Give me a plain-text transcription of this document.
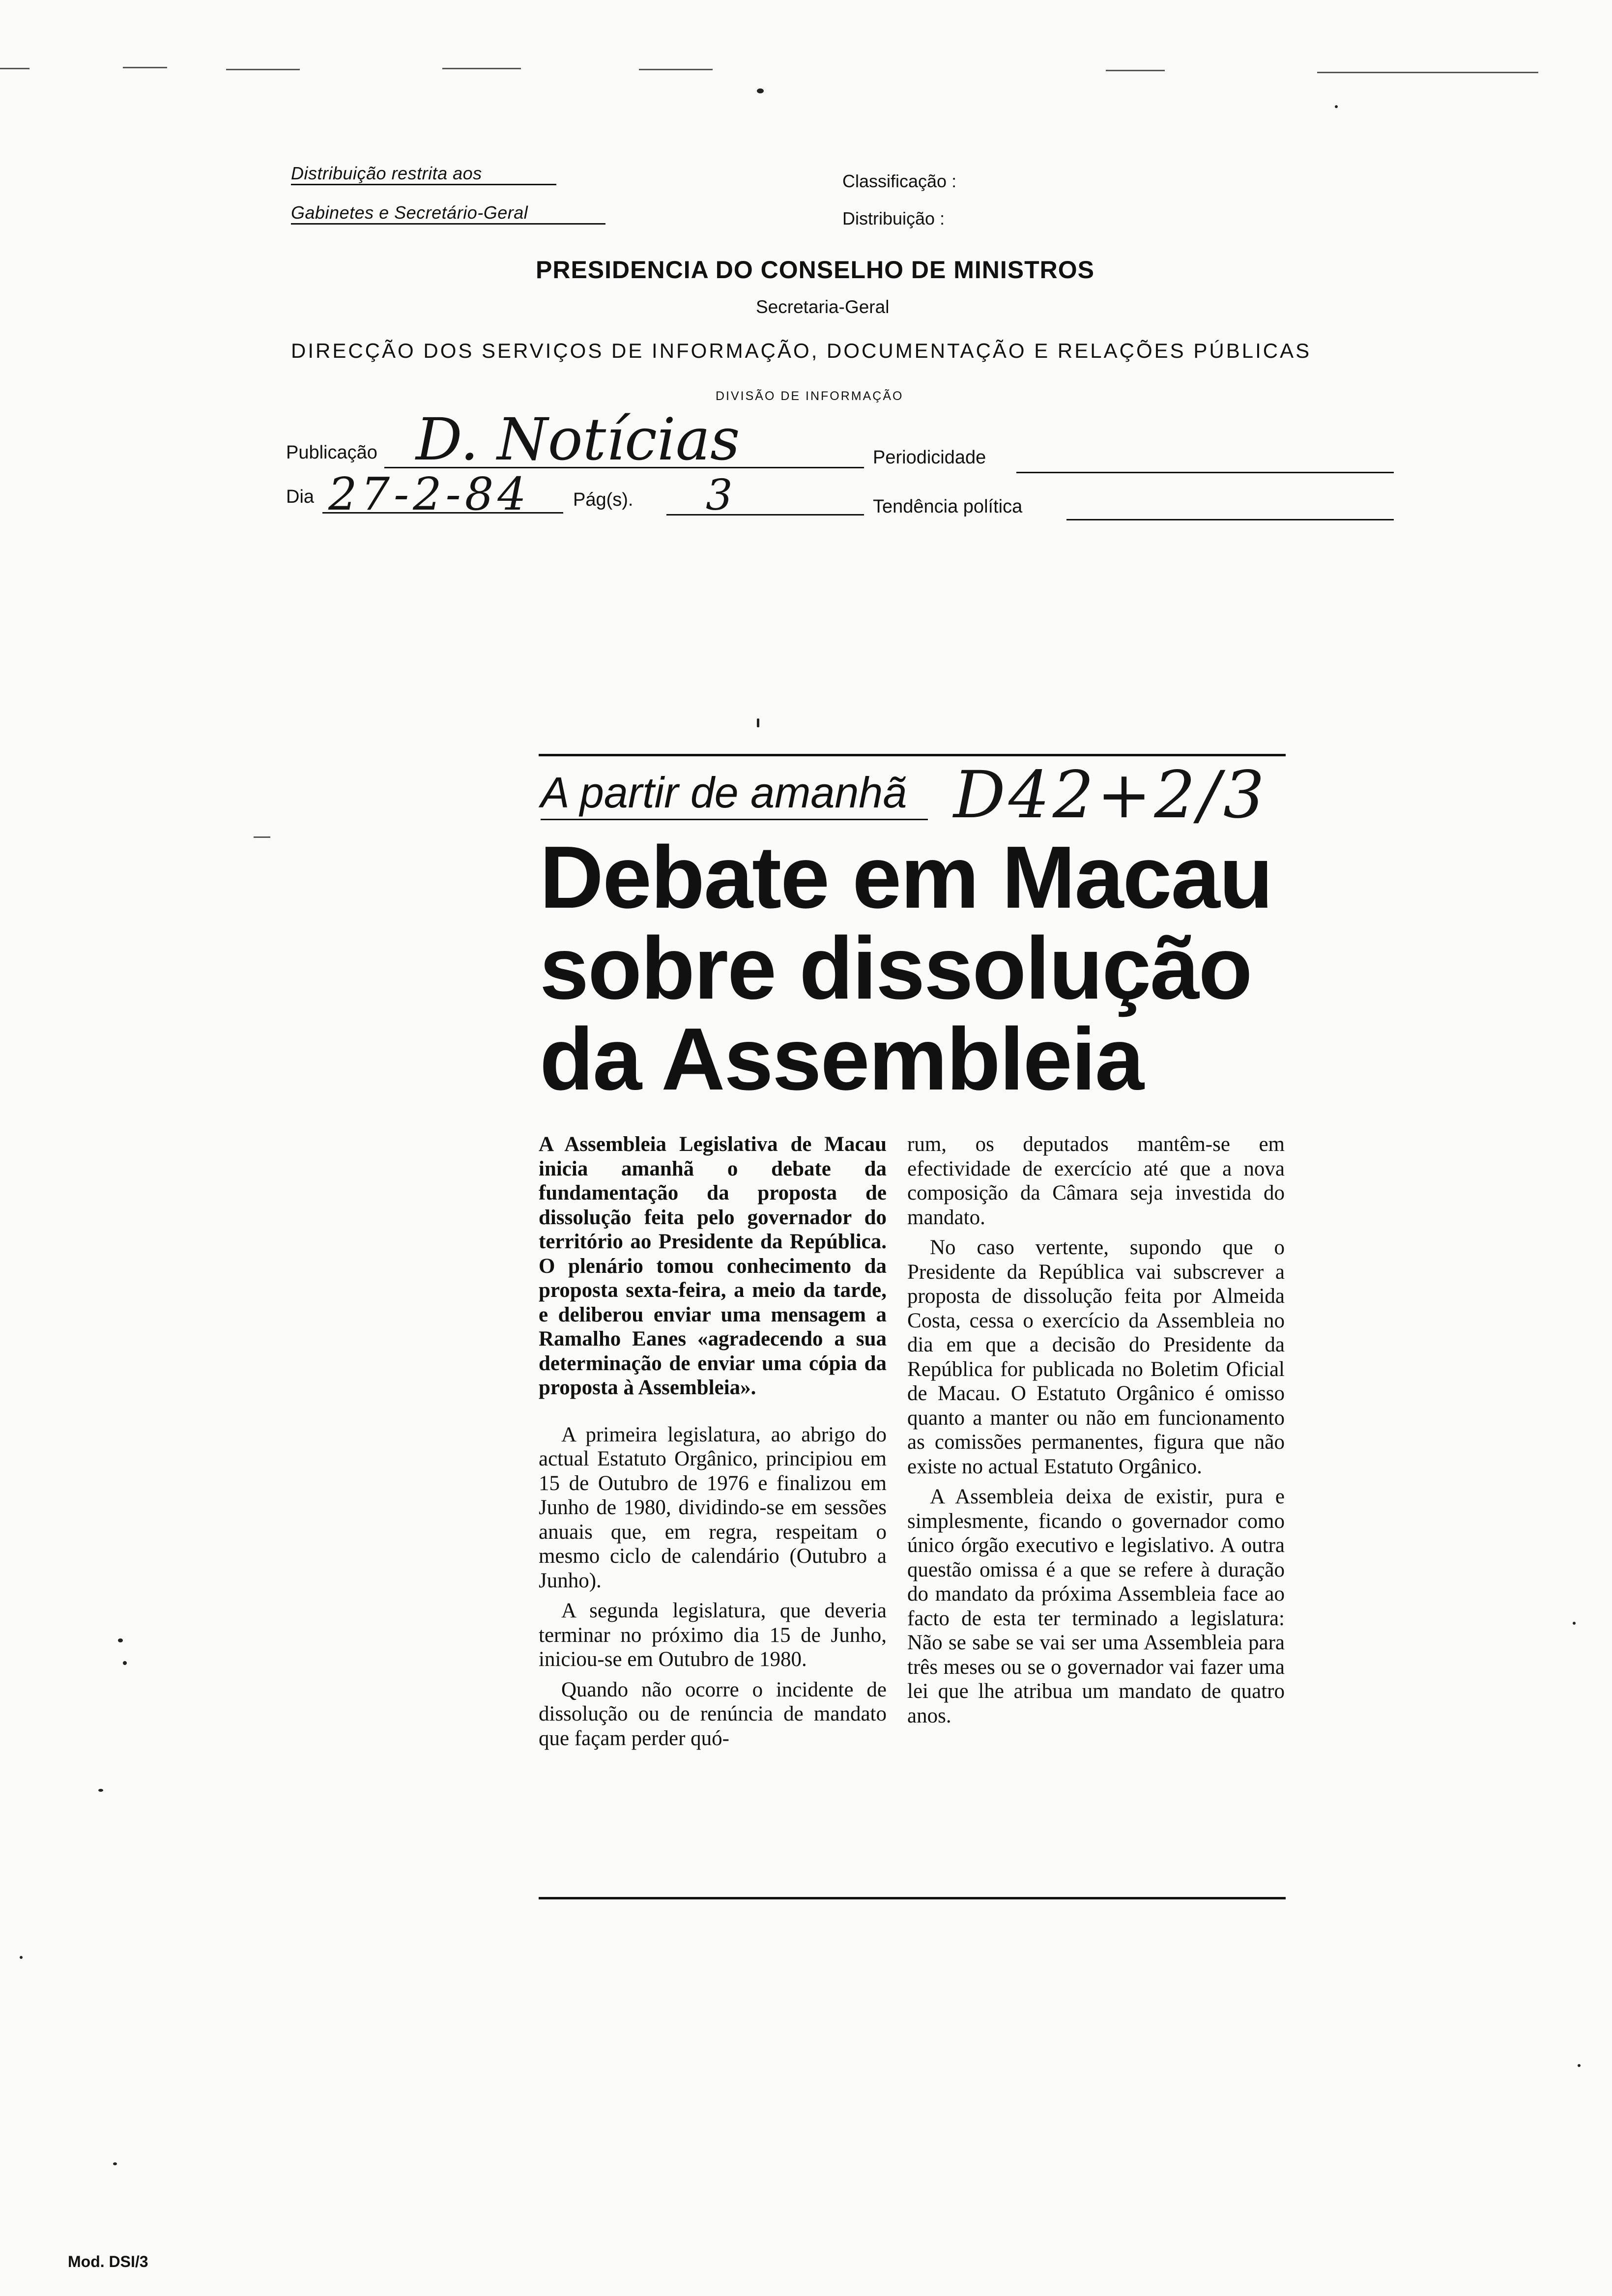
Distribuição restrita aos
Gabinetes e Secretário-Geral
Classificação :
Distribuição :
PRESIDENCIA DO CONSELHO DE MINISTROS
Secretaria-Geral
DIRECÇÃO DOS SERVIÇOS DE INFORMAÇÃO, DOCUMENTAÇÃO E RELAÇÕES PÚBLICAS
DIVISÃO DE INFORMAÇÃO
Publicação D. Notícias	Periodicidade
Dia 27-2-84 Pág(s). 3	Tendência política
A partir de amanhã D42+2/3
Debate em Macau
sobre dissolução
da Assembleia

A Assembleia Legislativa de Macau inicia amanhã o debate da fundamentação da proposta de dissolução feita pelo governador do território ao Presidente da República. O plenário tomou conhecimento da proposta sexta-feira, a meio da tarde, e deliberou enviar uma mensagem a Ramalho Eanes «agradecendo a sua determinação de enviar uma cópia da proposta à Assembleia».

A primeira legislatura, ao abrigo do actual Estatuto Orgânico, principiou em 15 de Outubro de 1976 e finalizou em Junho de 1980, dividindo-se em sessões anuais que, em regra, respeitam o mesmo ciclo de calendário (Outubro a Junho).

A segunda legislatura, que deveria terminar no próximo dia 15 de Junho, iniciou-se em Outubro de 1980.

Quando não ocorre o incidente de dissolução ou de renúncia de mandato que façam perder quó-

rum, os deputados mantêm-se em efectividade de exercício até que a nova composição da Câmara seja investida do mandato.

No caso vertente, supondo que o Presidente da República vai subscrever a proposta de dissolução feita por Almeida Costa, cessa o exercício da Assembleia no dia em que a decisão do Presidente da República for publicada no Boletim Oficial de Macau. O Estatuto Orgânico é omisso quanto a manter ou não em funcionamento as comissões permanentes, figura que não existe no actual Estatuto Orgânico.

A Assembleia deixa de existir, pura e simplesmente, ficando o governador como único órgão executivo e legislativo. A outra questão omissa é a que se refere à duração do mandato da próxima Assembleia face ao facto de esta ter terminado a legislatura: Não se sabe se vai ser uma Assembleia para três meses ou se o governador vai fazer uma lei que lhe atribua um mandato de quatro anos.

Mod. DSI/3
